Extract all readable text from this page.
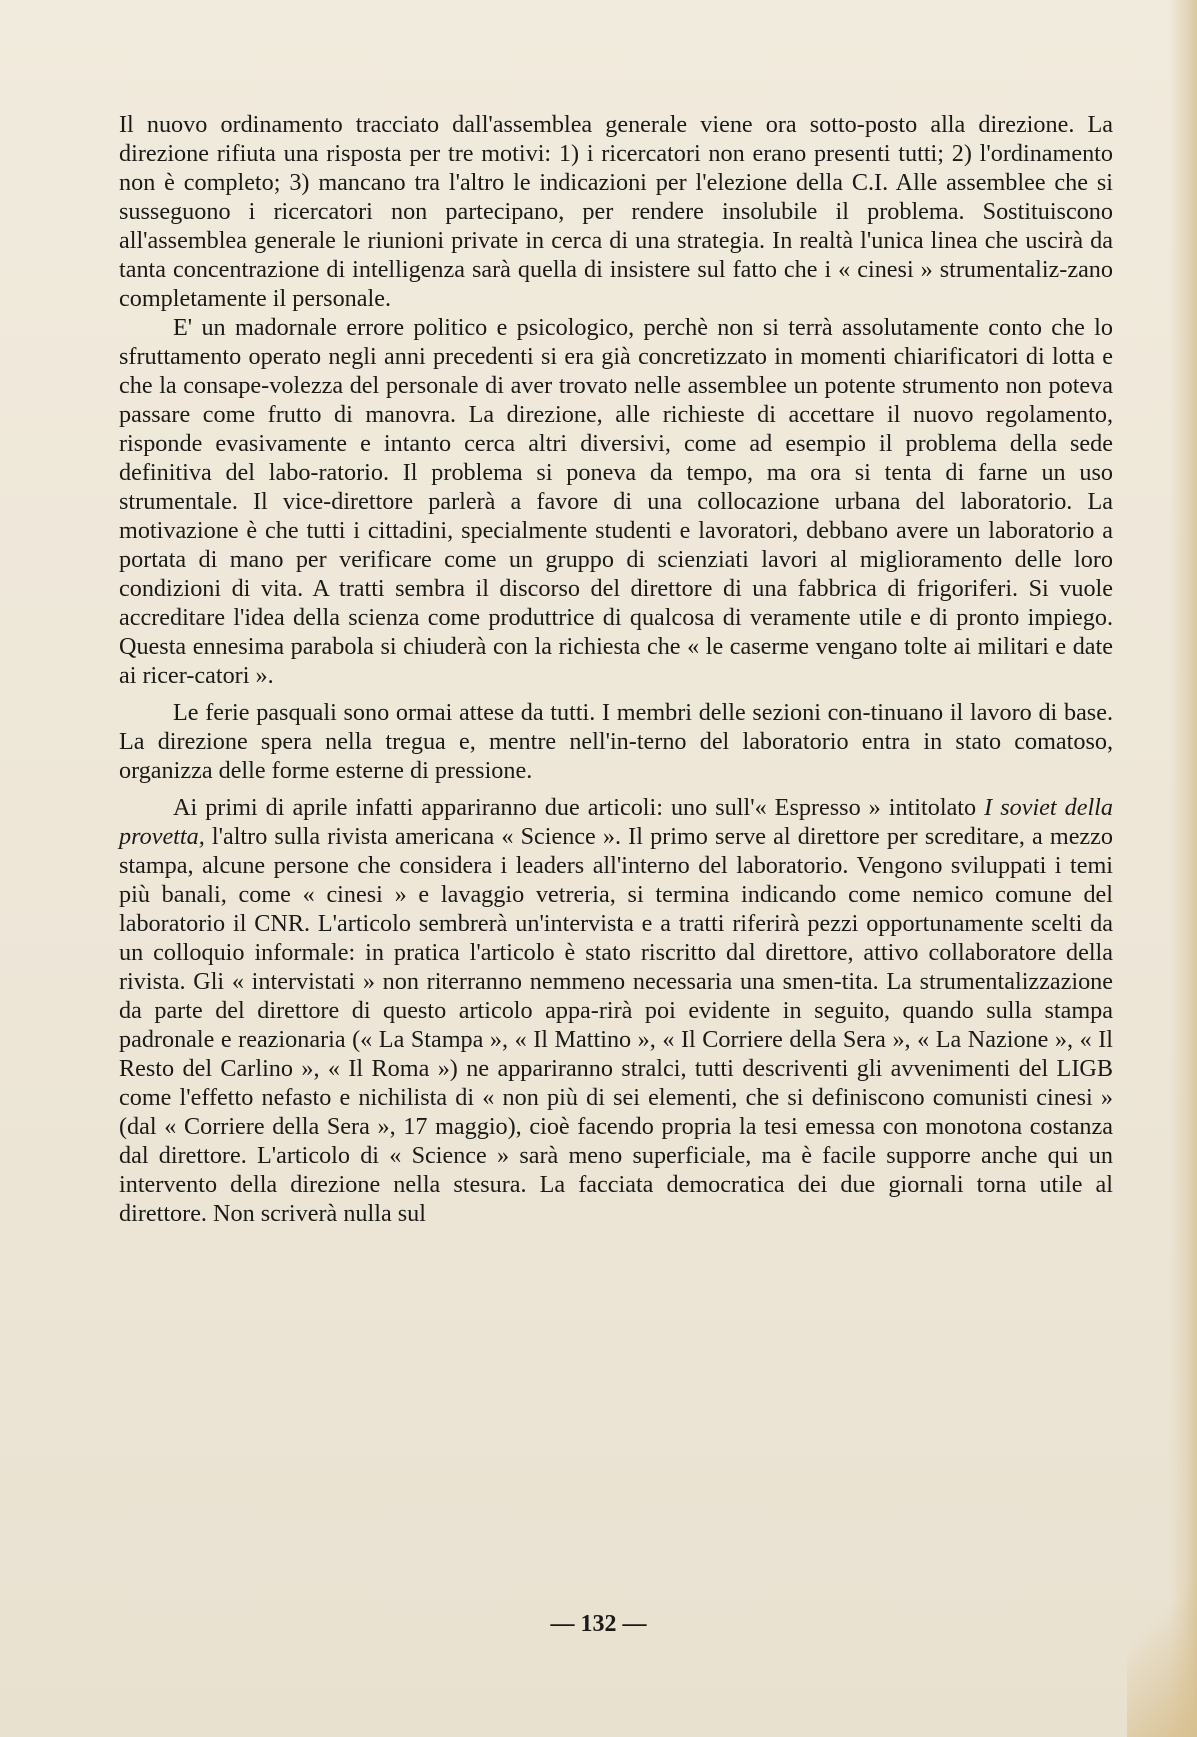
Il nuovo ordinamento tracciato dall'assemblea generale viene ora sotto-posto alla direzione. La direzione rifiuta una risposta per tre motivi: 1) i ricercatori non erano presenti tutti; 2) l'ordinamento non è completo; 3) mancano tra l'altro le indicazioni per l'elezione della C.I. Alle assemblee che si susseguono i ricercatori non partecipano, per rendere insolubile il problema. Sostituiscono all'assemblea generale le riunioni private in cerca di una strategia. In realtà l'unica linea che uscirà da tanta concentrazione di intelligenza sarà quella di insistere sul fatto che i « cinesi » strumentaliz-zano completamente il personale.

E' un madornale errore politico e psicologico, perchè non si terrà assolutamente conto che lo sfruttamento operato negli anni precedenti si era già concretizzato in momenti chiarificatori di lotta e che la consape-volezza del personale di aver trovato nelle assemblee un potente strumento non poteva passare come frutto di manovra. La direzione, alle richieste di accettare il nuovo regolamento, risponde evasivamente e intanto cerca altri diversivi, come ad esempio il problema della sede definitiva del labo-ratorio. Il problema si poneva da tempo, ma ora si tenta di farne un uso strumentale. Il vice-direttore parlerà a favore di una collocazione urbana del laboratorio. La motivazione è che tutti i cittadini, specialmente studenti e lavoratori, debbano avere un laboratorio a portata di mano per verificare come un gruppo di scienziati lavori al miglioramento delle loro condizioni di vita. A tratti sembra il discorso del direttore di una fabbrica di frigoriferi. Si vuole accreditare l'idea della scienza come produttrice di qualcosa di veramente utile e di pronto impiego. Questa ennesima parabola si chiuderà con la richiesta che « le caserme vengano tolte ai militari e date ai ricer-catori ».

Le ferie pasquali sono ormai attese da tutti. I membri delle sezioni con-tinuano il lavoro di base. La direzione spera nella tregua e, mentre nell'in-terno del laboratorio entra in stato comatoso, organizza delle forme esterne di pressione.

Ai primi di aprile infatti appariranno due articoli: uno sull'« Espresso » intitolato I soviet della provetta, l'altro sulla rivista americana « Science ». Il primo serve al direttore per screditare, a mezzo stampa, alcune persone che considera i leaders all'interno del laboratorio. Vengono sviluppati i temi più banali, come « cinesi » e lavaggio vetreria, si termina indicando come nemico comune del laboratorio il CNR. L'articolo sembrerà un'intervista e a tratti riferirà pezzi opportunamente scelti da un colloquio informale: in pratica l'articolo è stato riscritto dal direttore, attivo collaboratore della rivista. Gli « intervistati » non riterranno nemmeno necessaria una smen-tita. La strumentalizzazione da parte del direttore di questo articolo appa-rirà poi evidente in seguito, quando sulla stampa padronale e reazionaria (« La Stampa », « Il Mattino », « Il Corriere della Sera », « La Nazione », « Il Resto del Carlino », « Il Roma ») ne appariranno stralci, tutti descriventi gli avvenimenti del LIGB come l'effetto nefasto e nichilista di « non più di sei elementi, che si definiscono comunisti cinesi » (dal « Corriere della Sera », 17 maggio), cioè facendo propria la tesi emessa con monotona costanza dal direttore. L'articolo di « Science » sarà meno superficiale, ma è facile supporre anche qui un intervento della direzione nella stesura. La facciata democratica dei due giornali torna utile al direttore. Non scriverà nulla sul

— 132 —
